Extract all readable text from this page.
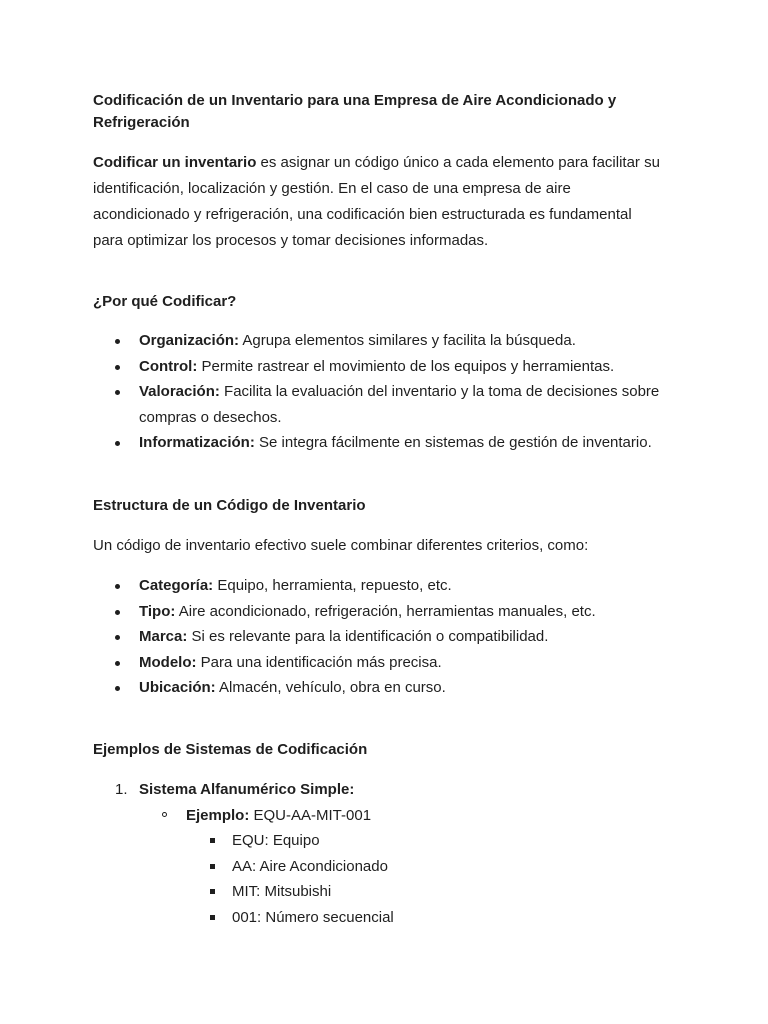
Codificación de un Inventario para una Empresa de Aire Acondicionado y Refrigeración

Codificar un inventario es asignar un código único a cada elemento para facilitar su identificación, localización y gestión. En el caso de una empresa de aire acondicionado y refrigeración, una codificación bien estructurada es fundamental para optimizar los procesos y tomar decisiones informadas.

¿Por qué Codificar?

Organización: Agrupa elementos similares y facilita la búsqueda.
Control: Permite rastrear el movimiento de los equipos y herramientas.
Valoración: Facilita la evaluación del inventario y la toma de decisiones sobre compras o desechos.
Informatización: Se integra fácilmente en sistemas de gestión de inventario.

Estructura de un Código de Inventario

Un código de inventario efectivo suele combinar diferentes criterios, como:

Categoría: Equipo, herramienta, repuesto, etc.
Tipo: Aire acondicionado, refrigeración, herramientas manuales, etc.
Marca: Si es relevante para la identificación o compatibilidad.
Modelo: Para una identificación más precisa.
Ubicación: Almacén, vehículo, obra en curso.

Ejemplos de Sistemas de Codificación

1. Sistema Alfanumérico Simple:
Ejemplo: EQU-AA-MIT-001
EQU: Equipo
AA: Aire Acondicionado
MIT: Mitsubishi
001: Número secuencial
